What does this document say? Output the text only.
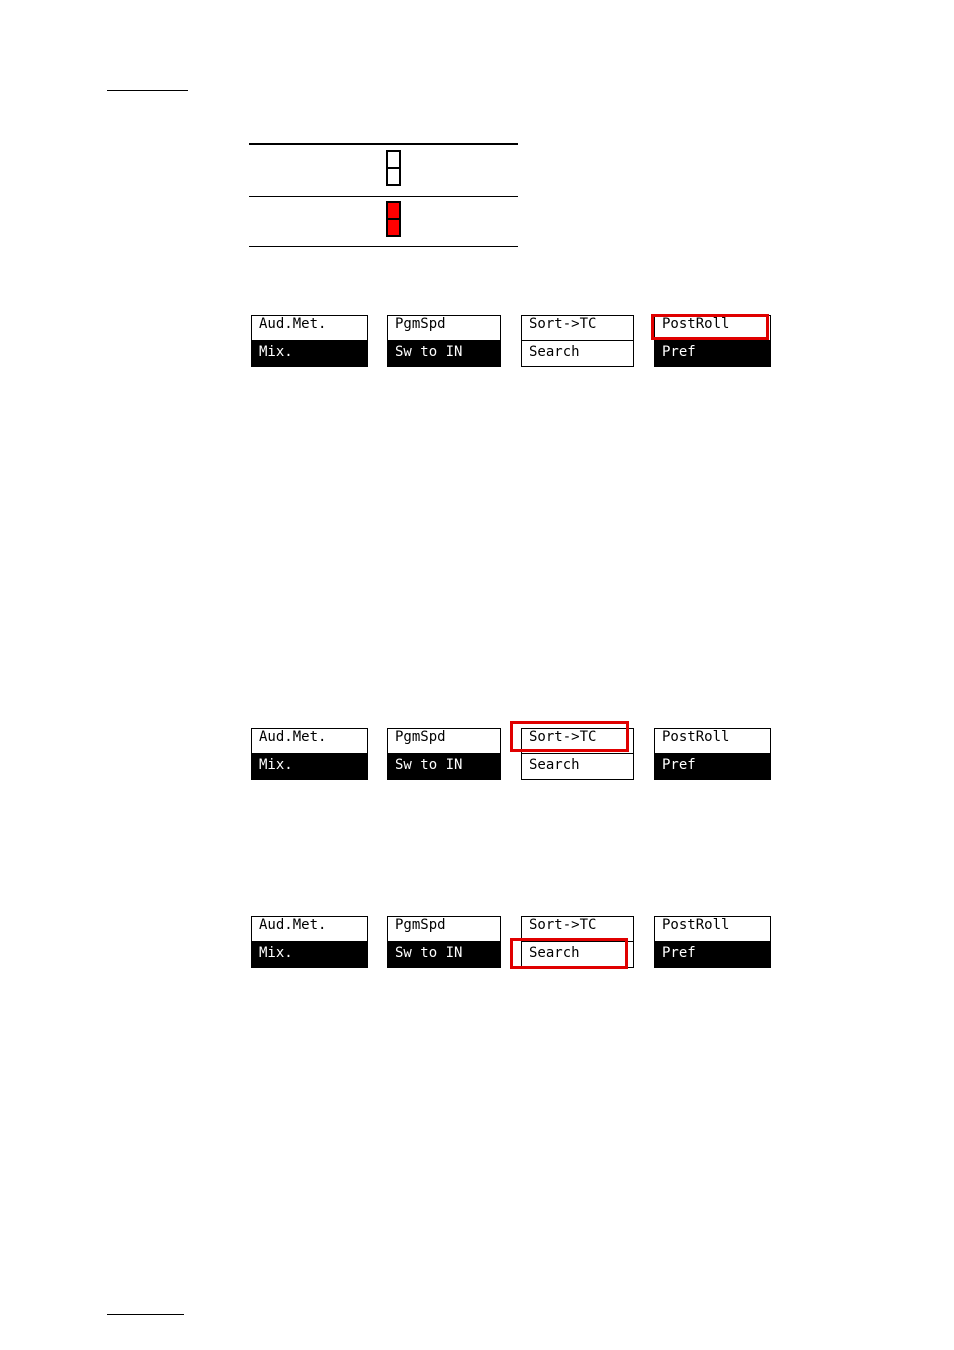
Aud.Met.	PgmSpd	Sort->TC	PostRoll
Mix.	Sw to IN	Search	Pref
Aud.Met.	PgmSpd	Sort->TC	PostRoll
Mix.	Sw to IN	Search	Pref
Aud.Met.	PgmSpd	Sort->TC	PostRoll
Mix.	Sw to IN	Search	Pref
